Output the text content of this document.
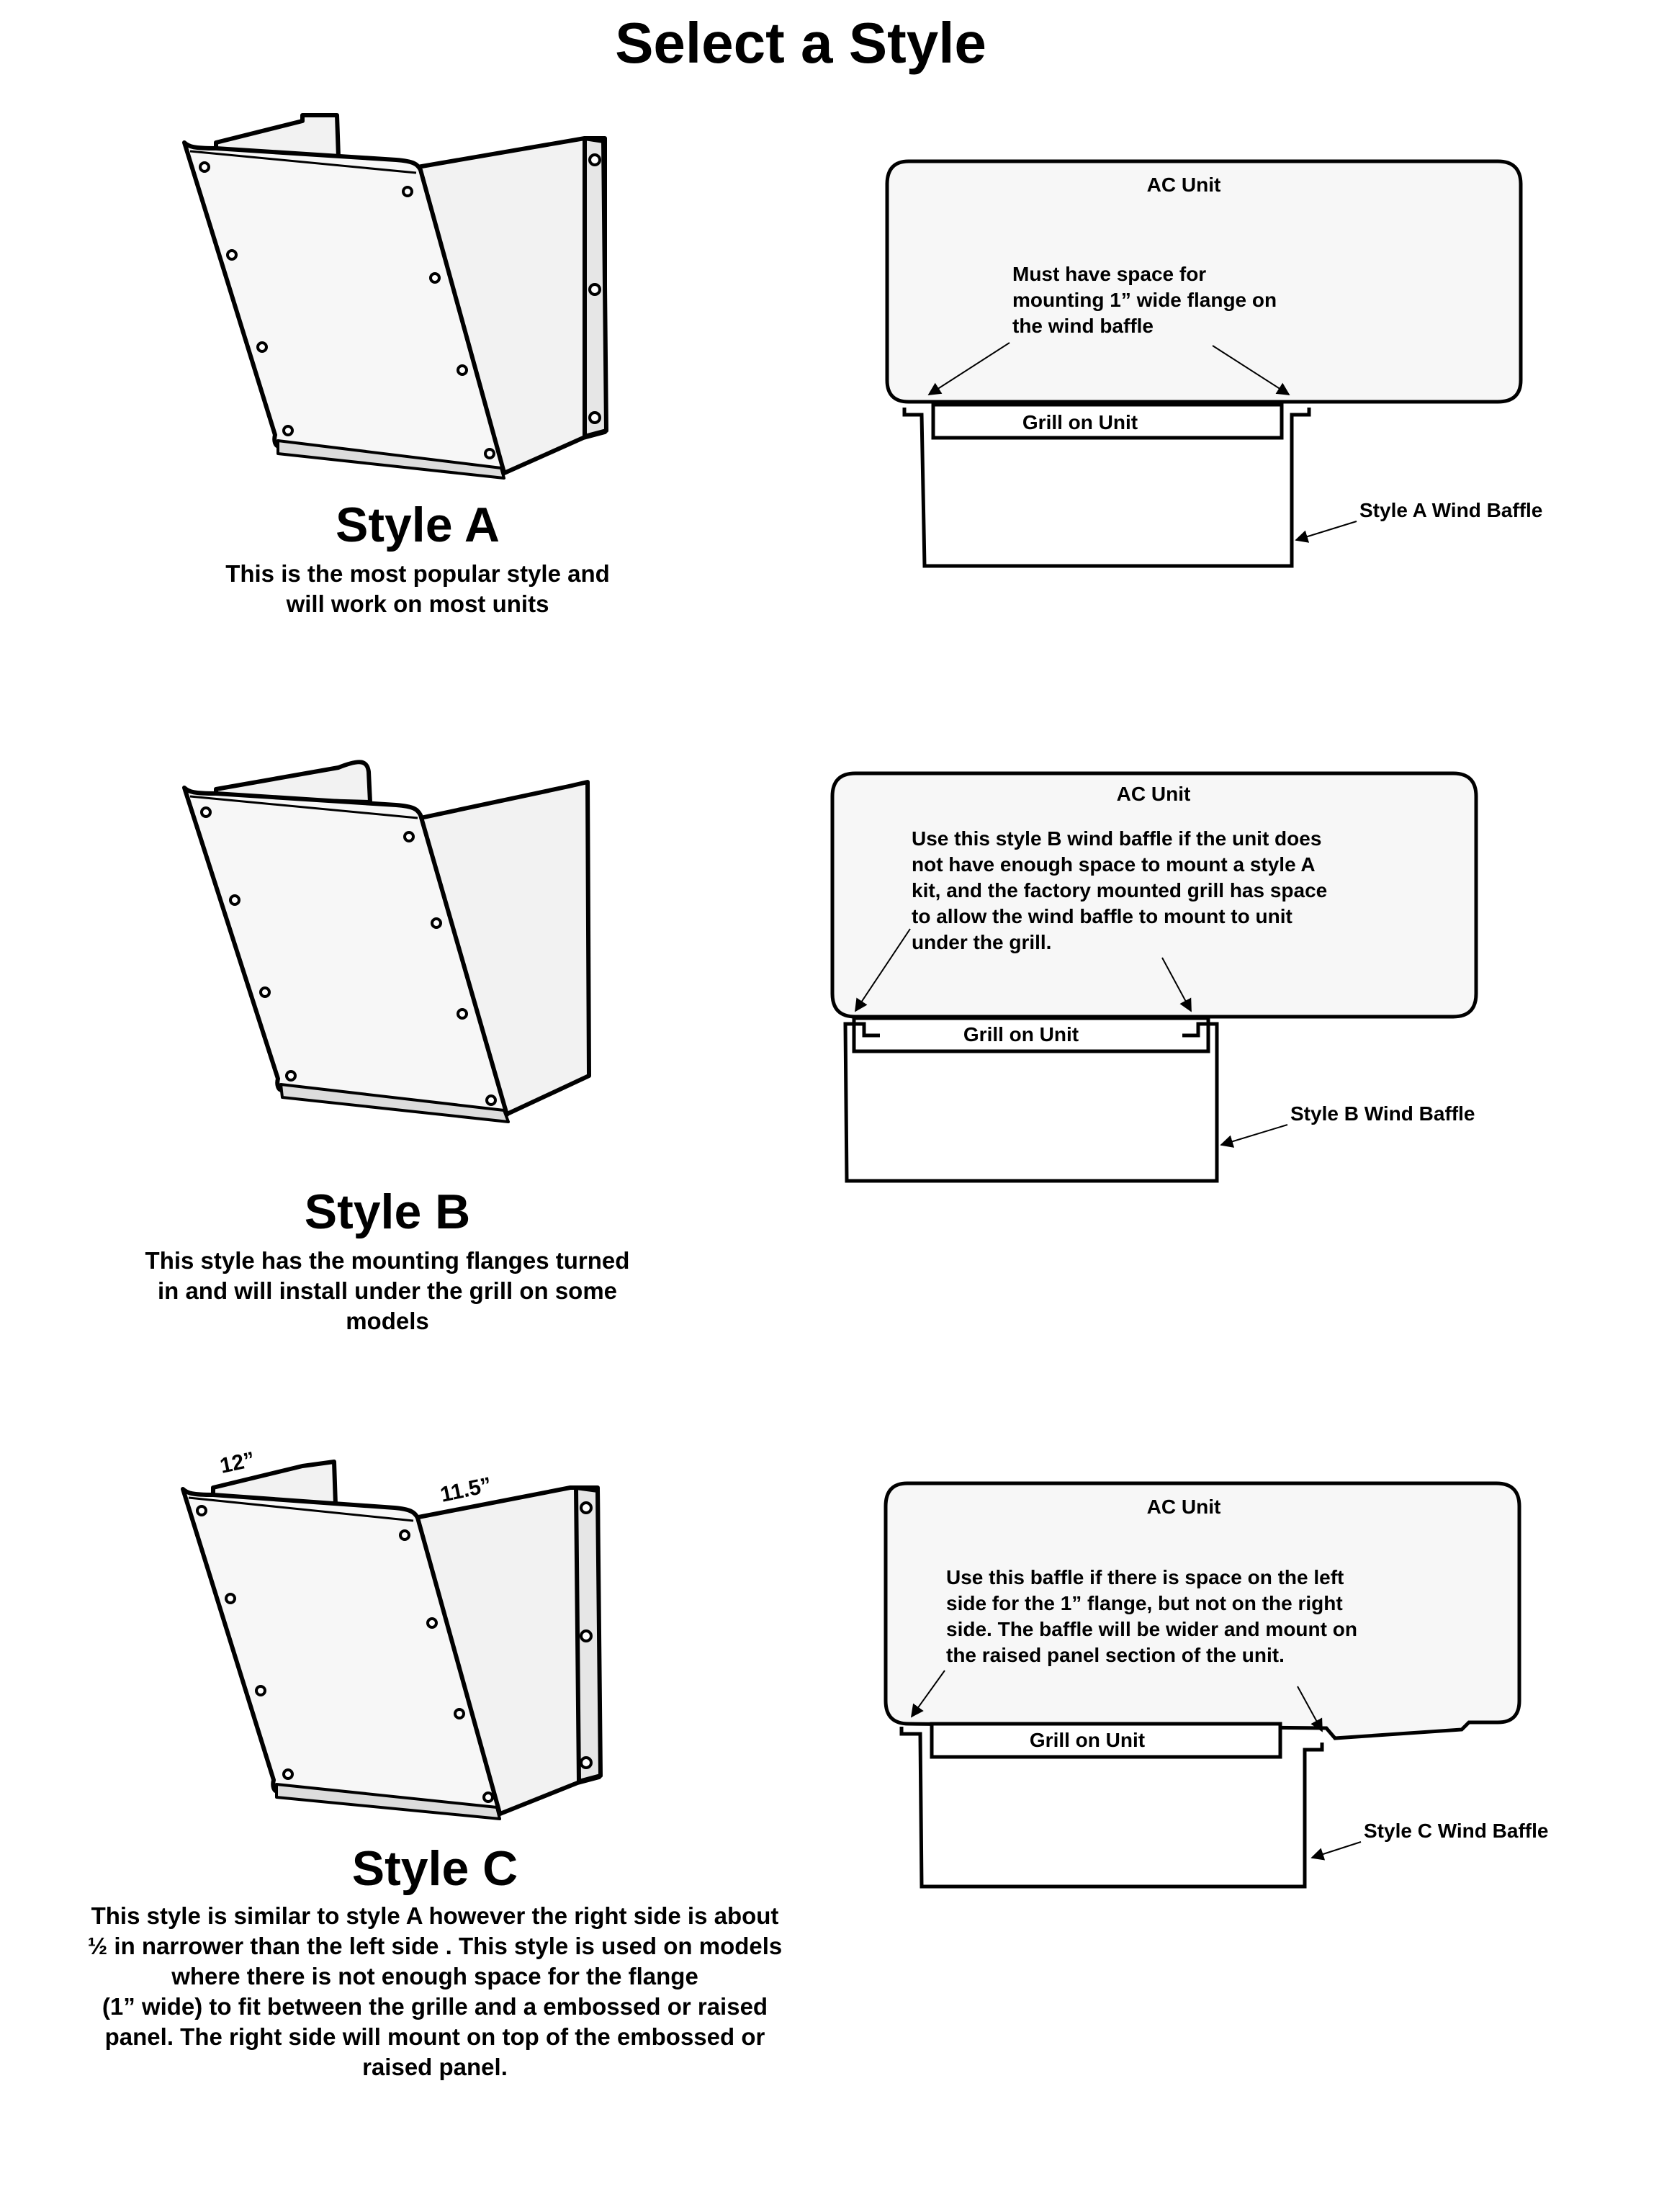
Select a Style
12”
11.5”
AC Unit
Must have space for
mounting 1” wide flange on
the wind baffle
Grill on Unit
Style A Wind Baffle
AC Unit
Use this style B wind baffle if the unit does
not have enough space to mount a style A
kit, and the factory mounted grill has space
to allow the wind baffle to mount to unit
under the grill.
Grill on Unit
Style B Wind Baffle
AC Unit
Use this baffle if there is space on the left
side for the 1” flange, but not on the right
side. The baffle will be wider and mount on
the raised panel section of the unit.
Grill on Unit
Style C Wind Baffle
Style A
This is the most popular style and
will work on most units
Style B
This style has the mounting flanges turned
in and will install under the grill on some
models
Style C
This style is similar to style A however the right side is about
½ in narrower than the left side . This style is used on models
where there is not enough space for the flange
(1” wide) to fit between the grille and a embossed or raised
panel. The right side will mount on top of the embossed or
raised panel.
